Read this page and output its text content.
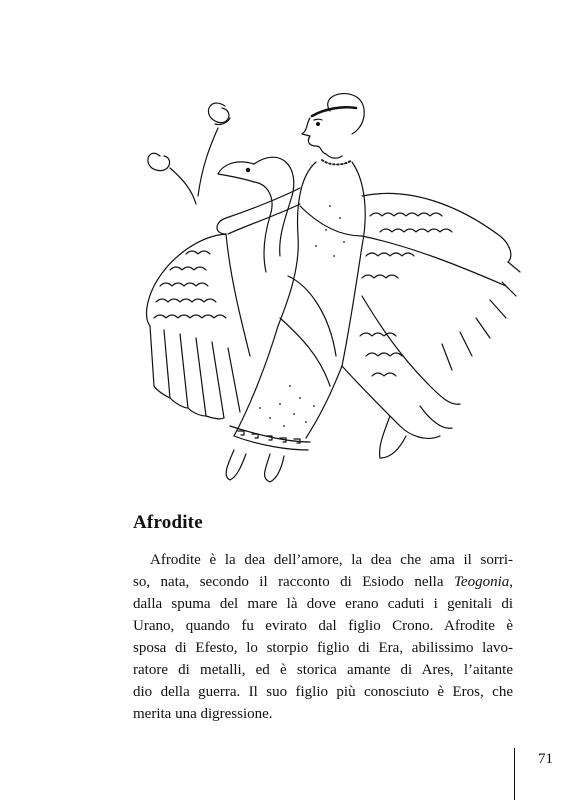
Afrodite

Afrodite è la dea dell’amore, la dea che ama il sorri-
so, nata, secondo il racconto di Esiodo nella Teogonia,
dalla spuma del mare là dove erano caduti i genitali di
Urano, quando fu evirato dal figlio Crono. Afrodite è
sposa di Efesto, lo storpio figlio di Era, abilissimo lavo-
ratore di metalli, ed è storica amante di Ares, l’aitante
dio della guerra. Il suo figlio più conosciuto è Eros, che
merita una digressione.

71
